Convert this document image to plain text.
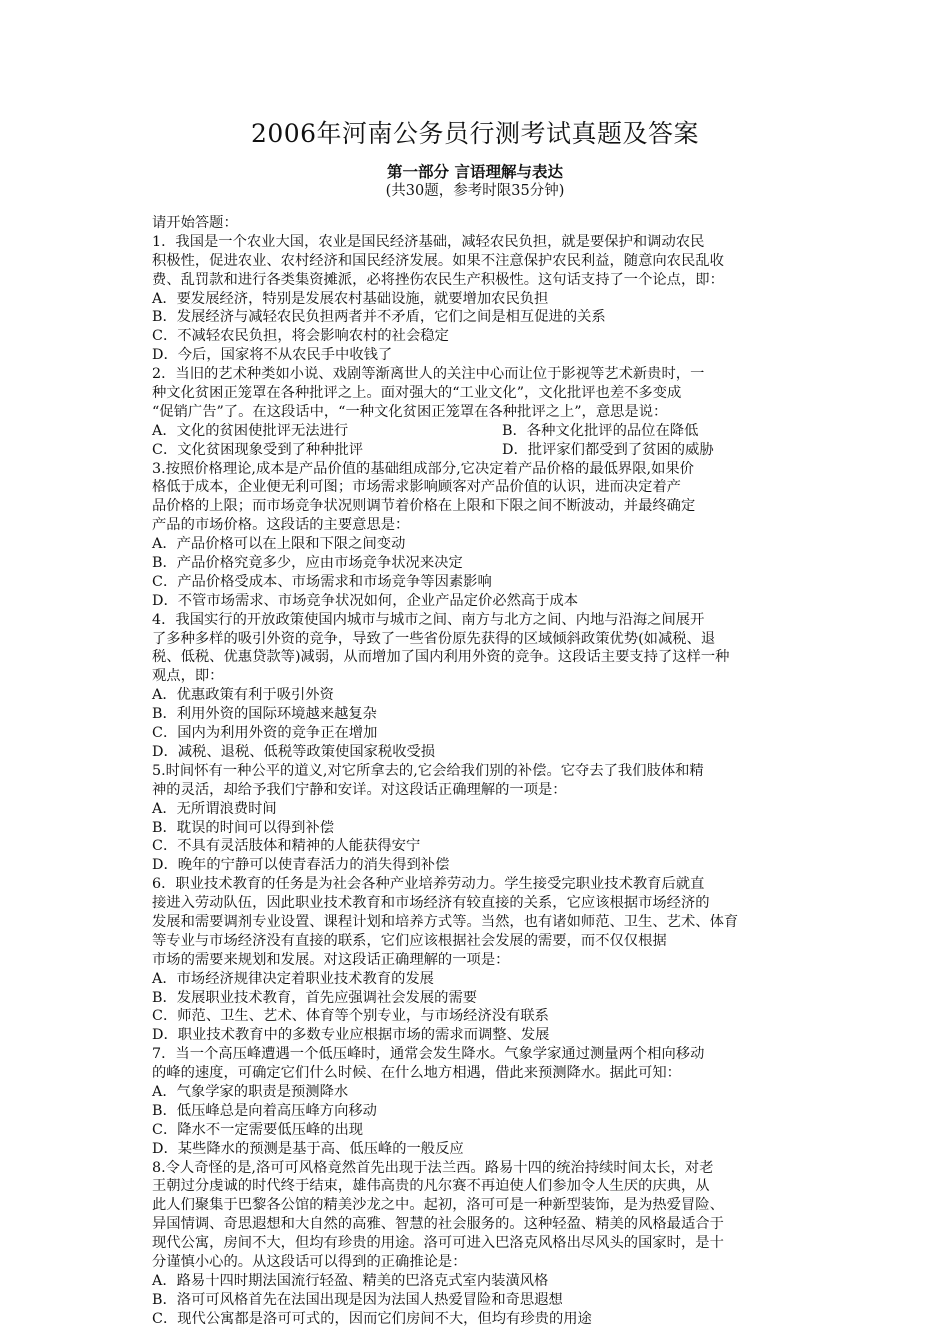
2006年河南公务员行测考试真题及答案
第一部分 言语理解与表达
(共30题，参考时限35分钟)
请开始答题：
1．我国是一个农业大国，农业是国民经济基础，减轻农民负担，就是要保护和调动农民
积极性，促进农业、农村经济和国民经济发展。如果不注意保护农民利益，随意向农民乱收
费、乱罚款和进行各类集资摊派，必将挫伤农民生产积极性。这句话支持了一个论点，即：
A．要发展经济，特别是发展农村基础设施，就要增加农民负担
B．发展经济与减轻农民负担两者并不矛盾，它们之间是相互促进的关系
C．不减轻农民负担，将会影响农村的社会稳定
D．今后，国家将不从农民手中收钱了
2．当旧的艺术种类如小说、戏剧等渐离世人的关注中心而让位于影视等艺术新贵时，一
种文化贫困正笼罩在各种批评之上。面对强大的“工业文化”，文化批评也差不多变成
“促销广告”了。在这段话中，“一种文化贫困正笼罩在各种批评之上”，意思是说：
A．文化的贫困使批评无法进行	B．各种文化批评的品位在降低
C．文化贫困现象受到了种种批评	D．批评家们都受到了贫困的威胁
3.按照价格理论,成本是产品价值的基础组成部分,它决定着产品价格的最低界限,如果价
格低于成本，企业便无利可图；市场需求影响顾客对产品价值的认识，进而决定着产
品价格的上限；而市场竞争状况则调节着价格在上限和下限之间不断波动，并最终确定
产品的市场价格。这段话的主要意思是：
A．产品价格可以在上限和下限之间变动
B．产品价格究竟多少，应由市场竞争状况来决定
C．产品价格受成本、市场需求和市场竞争等因素影响
D．不管市场需求、市场竞争状况如何，企业产品定价必然高于成本
4．我国实行的开放政策使国内城市与城市之间、南方与北方之间、内地与沿海之间展开
了多种多样的吸引外资的竞争，导致了一些省份原先获得的区域倾斜政策优势(如减税、退
税、低税、优惠贷款等)减弱，从而增加了国内利用外资的竞争。这段话主要支持了这样一种
观点，即：
A．优惠政策有利于吸引外资
B．利用外资的国际环境越来越复杂
C．国内为利用外资的竞争正在增加
D．减税、退税、低税等政策使国家税收受损
5.时间怀有一种公平的道义,对它所拿去的,它会给我们别的补偿。它夺去了我们肢体和精
神的灵活，却给予我们宁静和安详。对这段话正确理解的一项是：
A．无所谓浪费时间
B．耽误的时间可以得到补偿
C．不具有灵活肢体和精神的人能获得安宁
D．晚年的宁静可以使青春活力的消失得到补偿
6．职业技术教育的任务是为社会各种产业培养劳动力。学生接受完职业技术教育后就直
接进入劳动队伍，因此职业技术教育和市场经济有较直接的关系，它应该根据市场经济的
发展和需要调剂专业设置、课程计划和培养方式等。当然，也有诸如师范、卫生、艺术、体育
等专业与市场经济没有直接的联系，它们应该根据社会发展的需要，而不仅仅根据
市场的需要来规划和发展。对这段话正确理解的一项是：
A．市场经济规律决定着职业技术教育的发展
B．发展职业技术教育，首先应强调社会发展的需要
C．师范、卫生、艺术、体育等个别专业，与市场经济没有联系
D．职业技术教育中的多数专业应根据市场的需求而调整、发展
7．当一个高压峰遭遇一个低压峰时，通常会发生降水。气象学家通过测量两个相向移动
的峰的速度，可确定它们什么时候、在什么地方相遇，借此来预测降水。据此可知：
A．气象学家的职责是预测降水
B．低压峰总是向着高压峰方向移动
C．降水不一定需要低压峰的出现
D．某些降水的预测是基于高、低压峰的一般反应
8.令人奇怪的是,洛可可风格竟然首先出现于法兰西。路易十四的统治持续时间太长，对老
王朝过分虔诚的时代终于结束，雄伟高贵的凡尔赛不再迫使人们参加令人生厌的庆典，从
此人们聚集于巴黎各公馆的精美沙龙之中。起初，洛可可是一种新型装饰，是为热爱冒险、
异国情调、奇思遐想和大自然的高雅、智慧的社会服务的。这种轻盈、精美的风格最适合于
现代公寓，房间不大，但均有珍贵的用途。洛可可进入巴洛克风格出尽风头的国家时，是十
分谨慎小心的。从这段话可以得到的正确推论是：
A．路易十四时期法国流行轻盈、精美的巴洛克式室内装潢风格
B．洛可可风格首先在法国出现是因为法国人热爱冒险和奇思遐想
C．现代公寓都是洛可可式的，因而它们房间不大，但均有珍贵的用途
